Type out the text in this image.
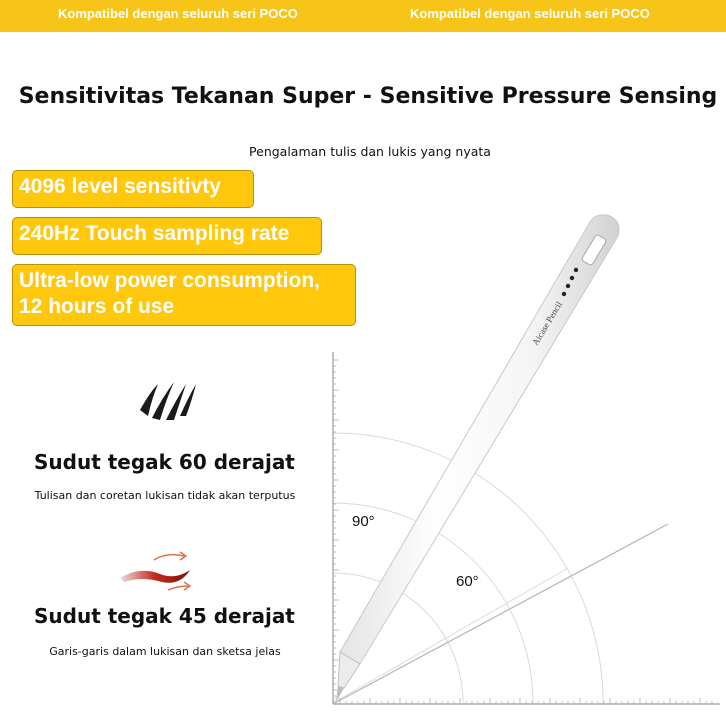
Kompatibel dengan seluruh seri POCO	Kompatibel dengan seluruh seri POCO
Sensitivitas Tekanan Super - Sensitive Pressure Sensing
Pengalaman tulis dan lukis yang nyata
4096 level sensitivty
240Hz Touch sampling rate
Ultra-low power consumption,
12 hours of use	Aicase Pencil
90°
60°
Sudut tegak 60 derajat
Tulisan dan coretan lukisan tidak akan terputus
Sudut tegak 45 derajat
Garis-garis dalam lukisan dan sketsa jelas
